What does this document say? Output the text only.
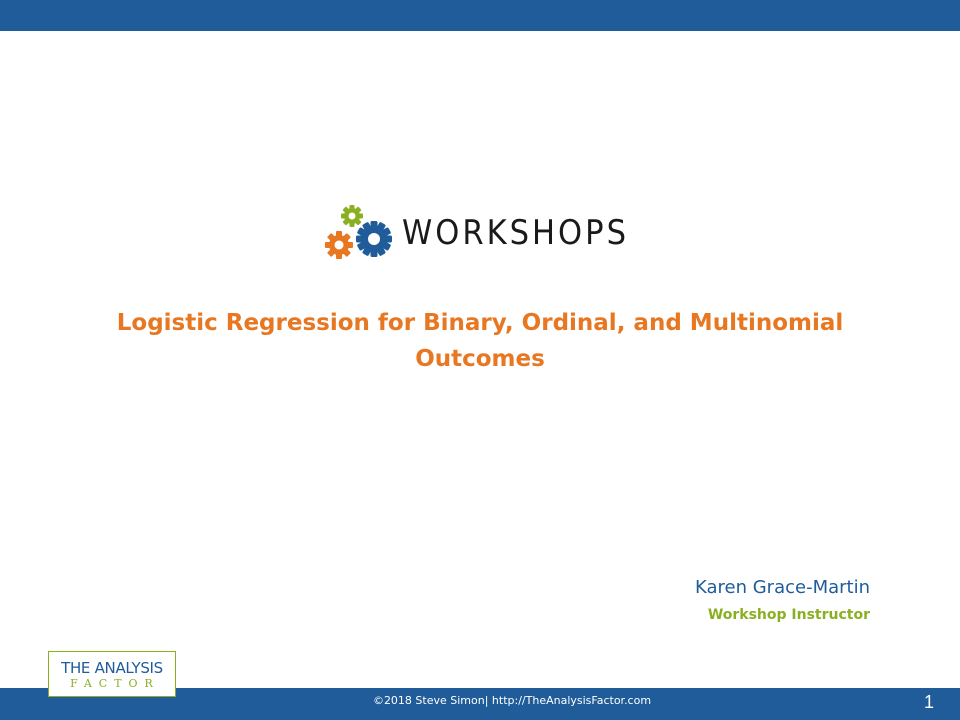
WORKSHOPS
Logistic Regression for Binary, Ordinal, and Multinomial
Outcomes
Karen Grace-Martin
Workshop Instructor
©2018 Steve Simon| http://TheAnalysisFactor.com	1
THE ANALYSIS
FACTOR
